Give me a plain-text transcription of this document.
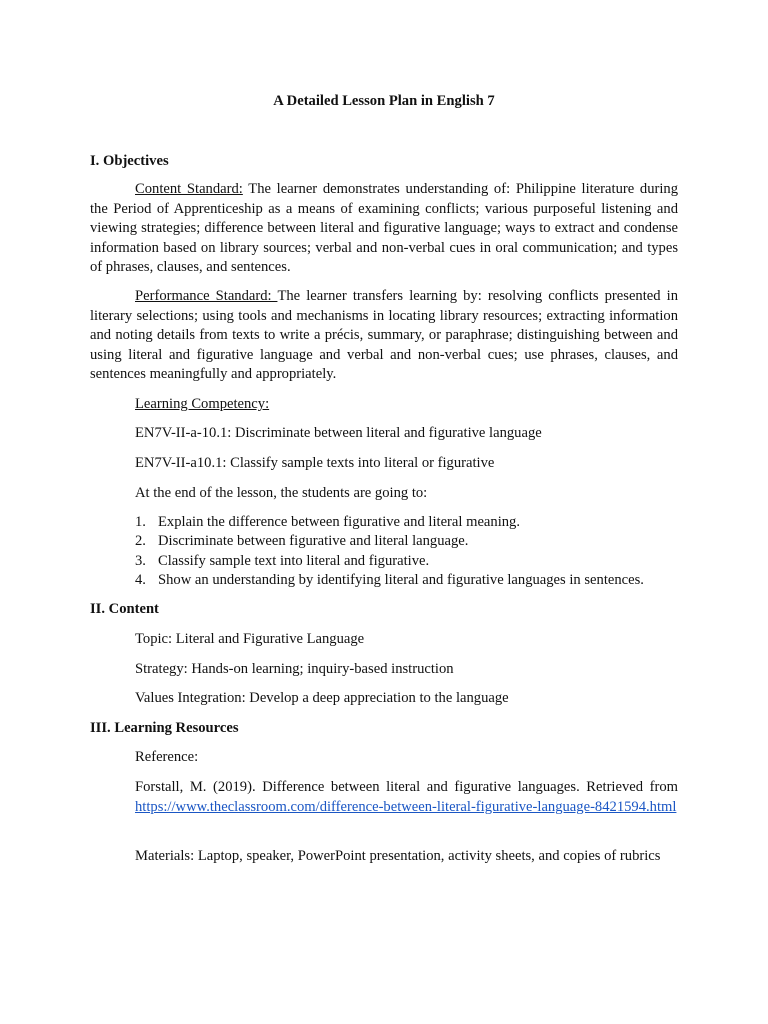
A Detailed Lesson Plan in English 7
I. Objectives

Content Standard: The learner demonstrates understanding of: Philippine literature during the Period of Apprenticeship as a means of examining conflicts; various purposeful listening and viewing strategies; difference between literal and figurative language; ways to extract and condense information based on library sources; verbal and non-verbal cues in oral communication; and types of phrases, clauses, and sentences.

Performance Standard: The learner transfers learning by: resolving conflicts presented in literary selections; using tools and mechanisms in locating library resources; extracting information and noting details from texts to write a précis, summary, or paraphrase; distinguishing between and using literal and figurative language and verbal and non-verbal cues; use phrases, clauses, and sentences meaningfully and appropriately.

Learning Competency:
EN7V-II-a-10.1: Discriminate between literal and figurative language
EN7V-II-a10.1: Classify sample texts into literal or figurative
At the end of the lesson, the students are going to:
1. Explain the difference between figurative and literal meaning.
2. Discriminate between figurative and literal language.
3. Classify sample text into literal and figurative.
4. Show an understanding by identifying literal and figurative languages in sentences.
II. Content
Topic: Literal and Figurative Language
Strategy: Hands-on learning; inquiry-based instruction
Values Integration: Develop a deep appreciation to the language
III. Learning Resources
Reference:

Forstall, M. (2019). Difference between literal and figurative languages. Retrieved from https://www.theclassroom.com/difference-between-literal-figurative-language-8421594.html

Materials: Laptop, speaker, PowerPoint presentation, activity sheets, and copies of rubrics
